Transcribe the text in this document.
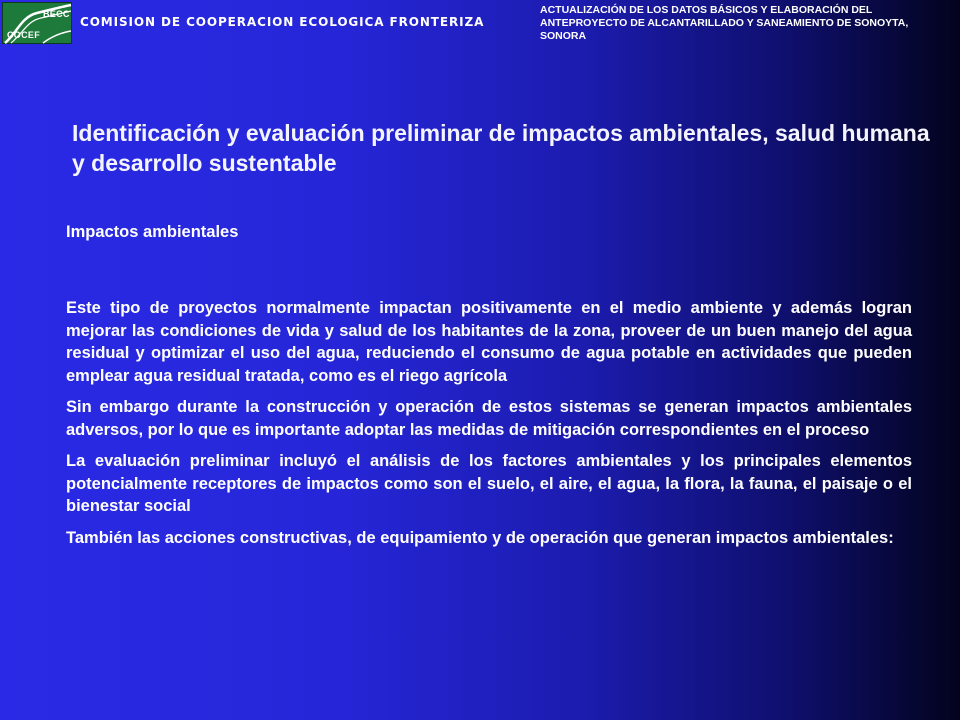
BECC
COCEF
COMISION DE COOPERACION ECOLOGICA FRONTERIZA
ACTUALIZACIÓN DE LOS DATOS BÁSICOS Y ELABORACIÓN DEL ANTEPROYECTO DE ALCANTARILLADO Y SANEAMIENTO DE SONOYTA, SONORA
Identificación y evaluación preliminar de impactos ambientales, salud humana y desarrollo sustentable
Impactos ambientales

Este tipo de proyectos normalmente impactan positivamente en el medio ambiente y además logran mejorar las condiciones de vida y salud de los habitantes de la zona, proveer de un buen manejo del agua residual y optimizar el uso del agua, reduciendo el consumo de agua potable en actividades que pueden emplear agua residual tratada, como es el riego agrícola

Sin embargo durante la construcción y operación de estos sistemas se generan impactos ambientales adversos, por lo que es importante adoptar las medidas de mitigación correspondientes en el proceso

La evaluación preliminar incluyó el análisis de los factores ambientales y los principales elementos potencialmente receptores de impactos como son el suelo, el aire, el agua, la flora, la fauna, el paisaje o el bienestar social

También las acciones constructivas, de equipamiento y de operación que generan impactos ambientales:
